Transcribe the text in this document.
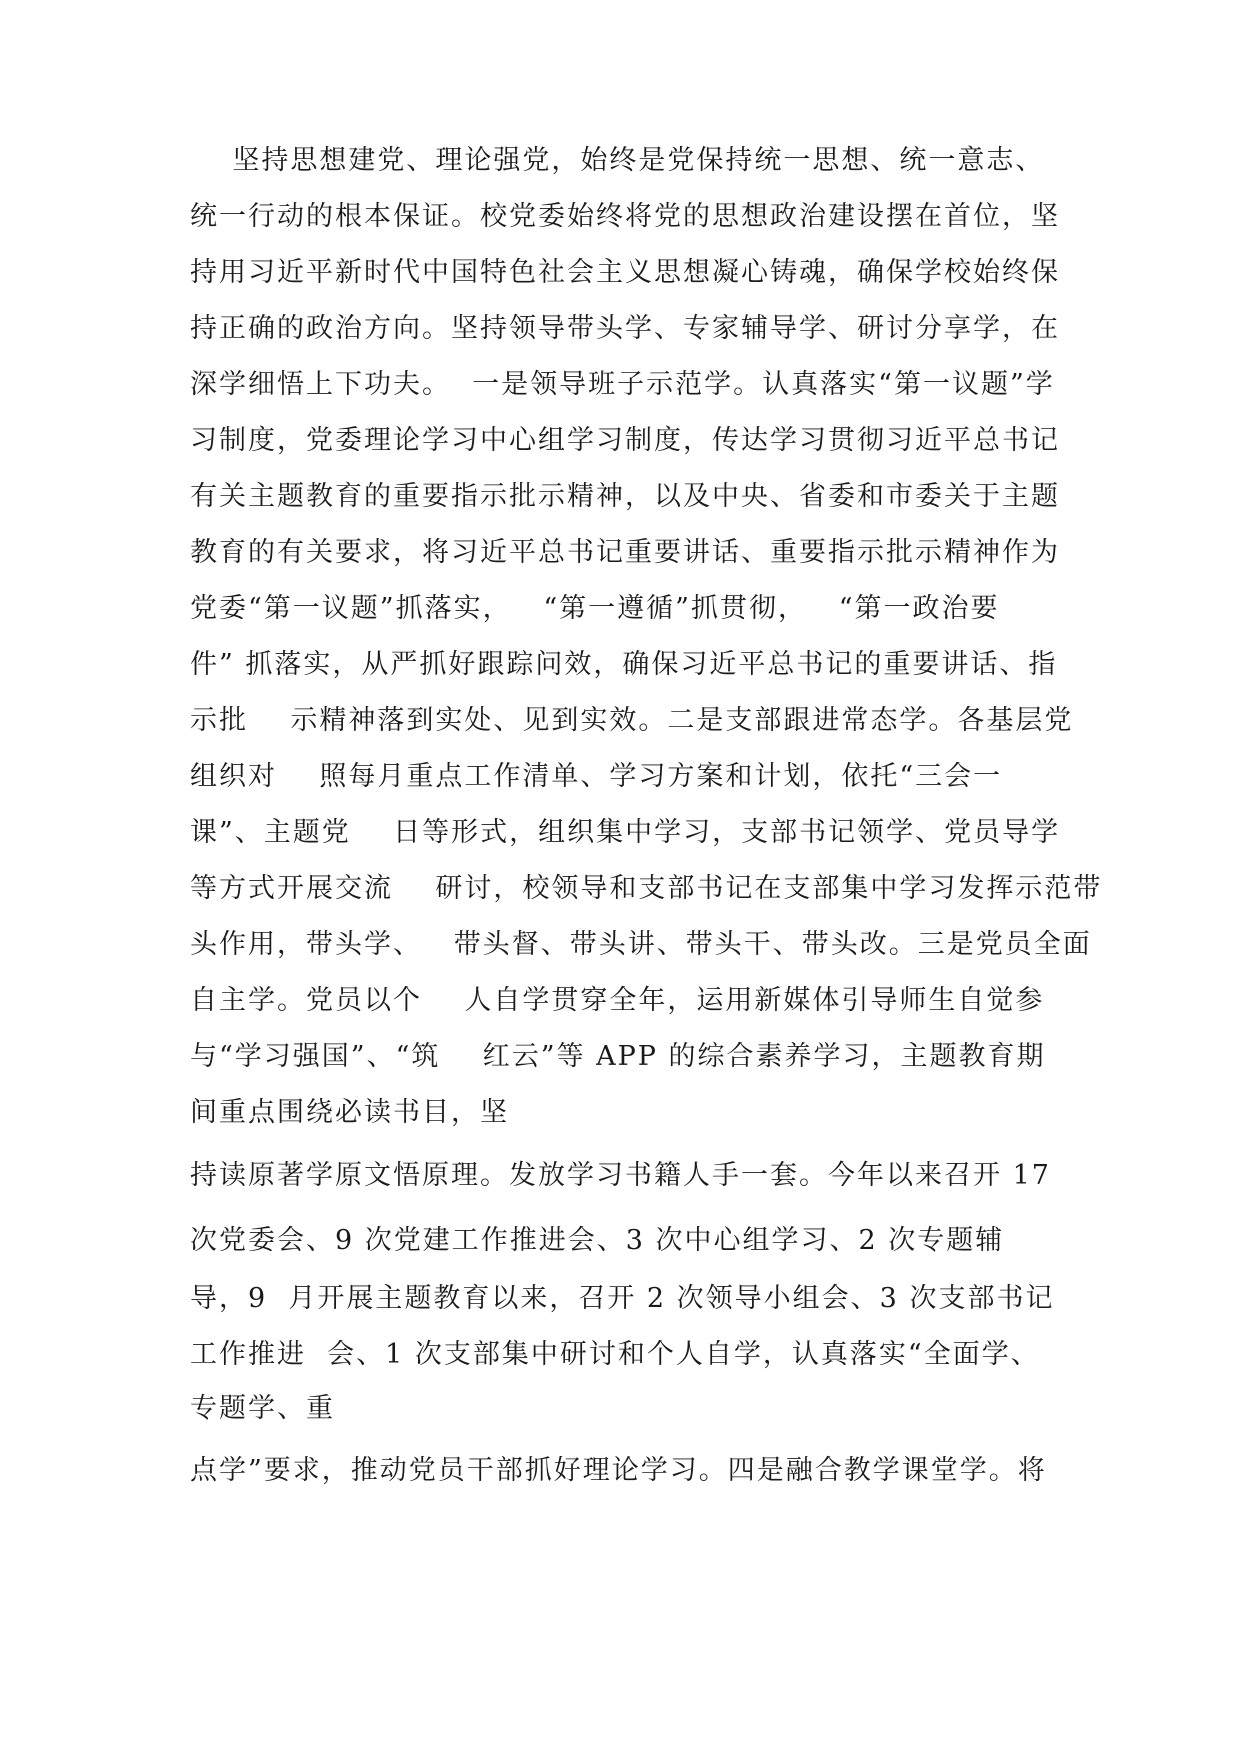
坚持思想建党、理论强党，始终是党保持统一思想、统一意志、
统一行动的根本保证。校党委始终将党的思想政治建设摆在首位，坚
持用习近平新时代中国特色社会主义思想凝心铸魂，确保学校始终保
持正确的政治方向。坚持领导带头学、专家辅导学、研讨分享学，在
深学细悟上下功夫。  一是领导班子示范学。认真落实“第一议题”学
习制度，党委理论学习中心组学习制度，传达学习贯彻习近平总书记
有关主题教育的重要指示批示精神，以及中央、省委和市委关于主题
教育的有关要求，将习近平总书记重要讲话、重要指示批示精神作为
党委“第一议题”抓落实，   “第一遵循”抓贯彻，   “第一政治要
件” 抓落实，从严抓好跟踪问效，确保习近平总书记的重要讲话、指
示批    示精神落到实处、见到实效。二是支部跟进常态学。各基层党
组织对    照每月重点工作清单、学习方案和计划，依托“三会一
课”、主题党    日等形式，组织集中学习，支部书记领学、党员导学
等方式开展交流    研讨，校领导和支部书记在支部集中学习发挥示范带
头作用，带头学、   带头督、带头讲、带头干、带头改。三是党员全面
自主学。党员以个    人自学贯穿全年，运用新媒体引导师生自觉参
与“学习强国”、“筑    红云”等 APP 的综合素养学习，主题教育期
间重点围绕必读书目，坚
持读原著学原文悟原理。发放学习书籍人手一套。今年以来召开 17
次党委会、9 次党建工作推进会、3 次中心组学习、2 次专题辅
导，9  月开展主题教育以来，召开 2 次领导小组会、3 次支部书记
工作推进  会、1 次支部集中研讨和个人自学，认真落实“全面学、
专题学、重
点学”要求，推动党员干部抓好理论学习。四是融合教学课堂学。将
